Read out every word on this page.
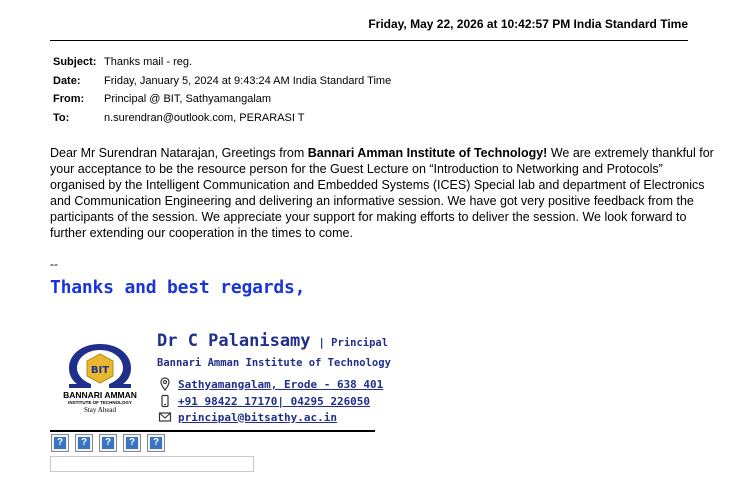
Friday, May 22, 2026 at 10:42:57 PM India Standard Time
Subject: Thanks mail - reg.
Date:	Friday, January 5, 2024 at 9:43:24 AM India Standard Time
From:	Principal @ BIT, Sathyamangalam
To:	n.surendran@outlook.com, PERARASI T
Dear Mr Surendran Natarajan, Greetings from Bannari Amman Institute of Technology! We are extremely thankful for your acceptance to be the resource person for the Guest Lecture on “Introduction to Networking and Protocols” organised by the Intelligent Communication and Embedded Systems (ICES) Special lab and department of Electronics and Communication Engineering and delivering an informative session. We have got very positive feedback from the participants of the session. We appreciate your support for making efforts to deliver the session. We look forward to further extending our cooperation in the times to come.
--
Thanks and best regards,
BIT
BANNARI AMMAN
INSTITUTE OF TECHNOLOGY
Stay Ahead
Dr C Palanisamy | Principal
Bannari Amman Institute of Technology
Sathyamangalam, Erode - 638 401
+91 98422 17170| 04295 226050
principal@bitsathy.ac.in
? ? ? ? ?
